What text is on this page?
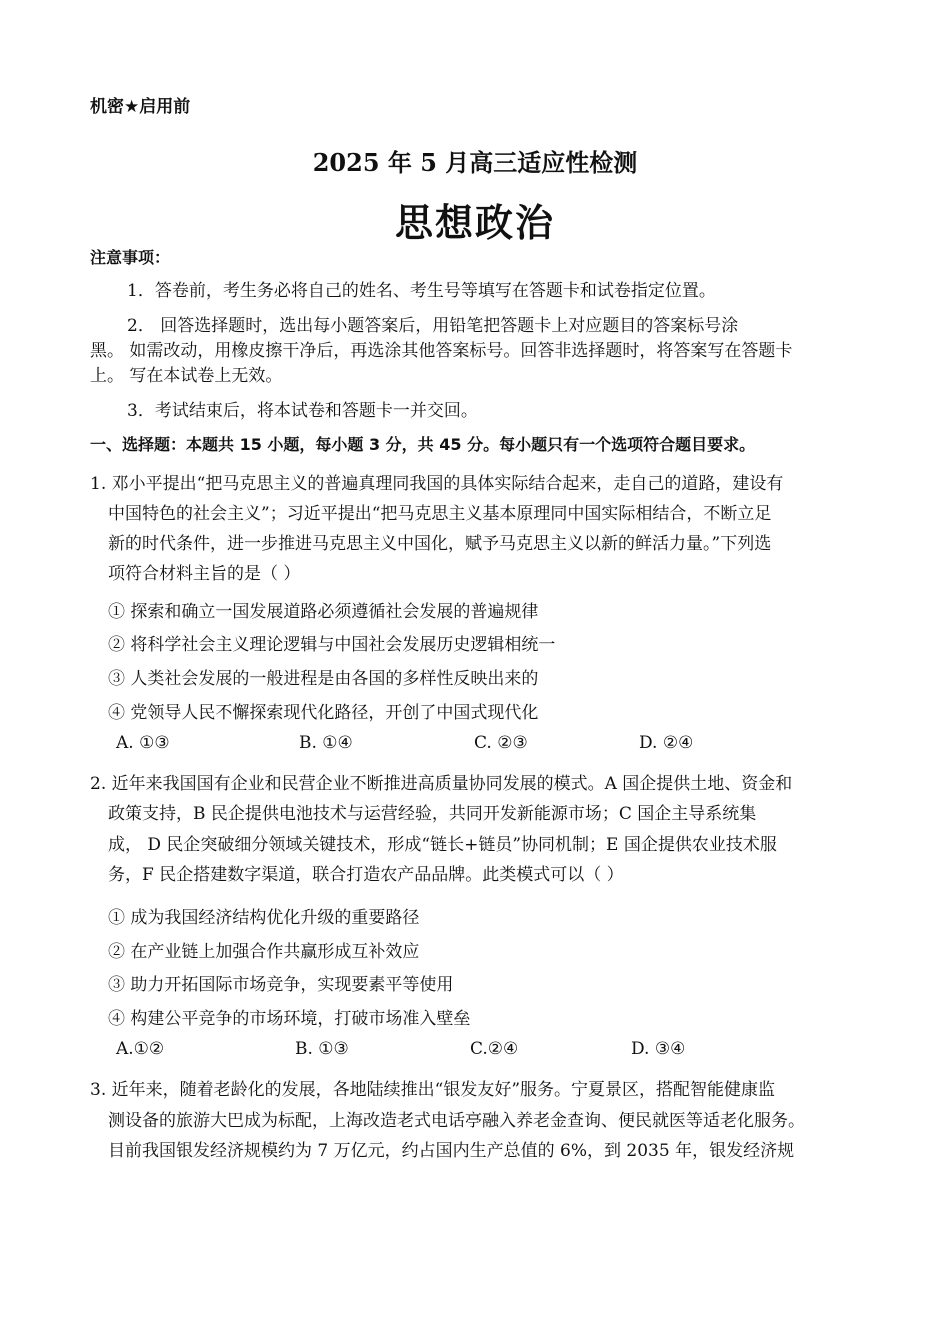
机密★启用前
2025 年 5 月高三适应性检测
思想政治
注意事项：
1．答卷前，考生务必将自己的姓名、考生号等填写在答题卡和试卷指定位置。
2． 回答选择题时，选出每小题答案后，用铅笔把答题卡上对应题目的答案标号涂
黑。 如需改动，用橡皮擦干净后，再选涂其他答案标号。回答非选择题时，将答案写在答题卡
上。 写在本试卷上无效。
3．考试结束后，将本试卷和答题卡一并交回。
一、选择题：本题共 15 小题，每小题 3 分，共 45 分。每小题只有一个选项符合题目要求。
1. 邓小平提出“把马克思主义的普遍真理同我国的具体实际结合起来，走自己的道路，建设有
中国特色的社会主义”；习近平提出“把马克思主义基本原理同中国实际相结合，不断立足
新的时代条件，进一步推进马克思主义中国化，赋予马克思主义以新的鲜活力量。”下列选
项符合材料主旨的是（ ）
① 探索和确立一国发展道路必须遵循社会发展的普遍规律
② 将科学社会主义理论逻辑与中国社会发展历史逻辑相统一
③ 人类社会发展的一般进程是由各国的多样性反映出来的
④ 党领导人民不懈探索现代化路径，开创了中国式现代化
A. ①③	B. ①④	C. ②③	D. ②④
2. 近年来我国国有企业和民营企业不断推进高质量协同发展的模式。A 国企提供土地、资金和
政策支持，B 民企提供电池技术与运营经验，共同开发新能源市场；C 国企主导系统集
成， D 民企突破细分领域关键技术，形成“链长+链员”协同机制；E 国企提供农业技术服
务，F 民企搭建数字渠道，联合打造农产品品牌。此类模式可以（ ）
① 成为我国经济结构优化升级的重要路径
② 在产业链上加强合作共赢形成互补效应
③ 助力开拓国际市场竞争，实现要素平等使用
④ 构建公平竞争的市场环境，打破市场准入壁垒
A.①②	B. ①③	C.②④	D. ③④
3. 近年来，随着老龄化的发展，各地陆续推出“银发友好”服务。宁夏景区，搭配智能健康监
测设备的旅游大巴成为标配，上海改造老式电话亭融入养老金查询、便民就医等适老化服务。
目前我国银发经济规模约为 7 万亿元，约占国内生产总值的 6%，到 2035 年，银发经济规
